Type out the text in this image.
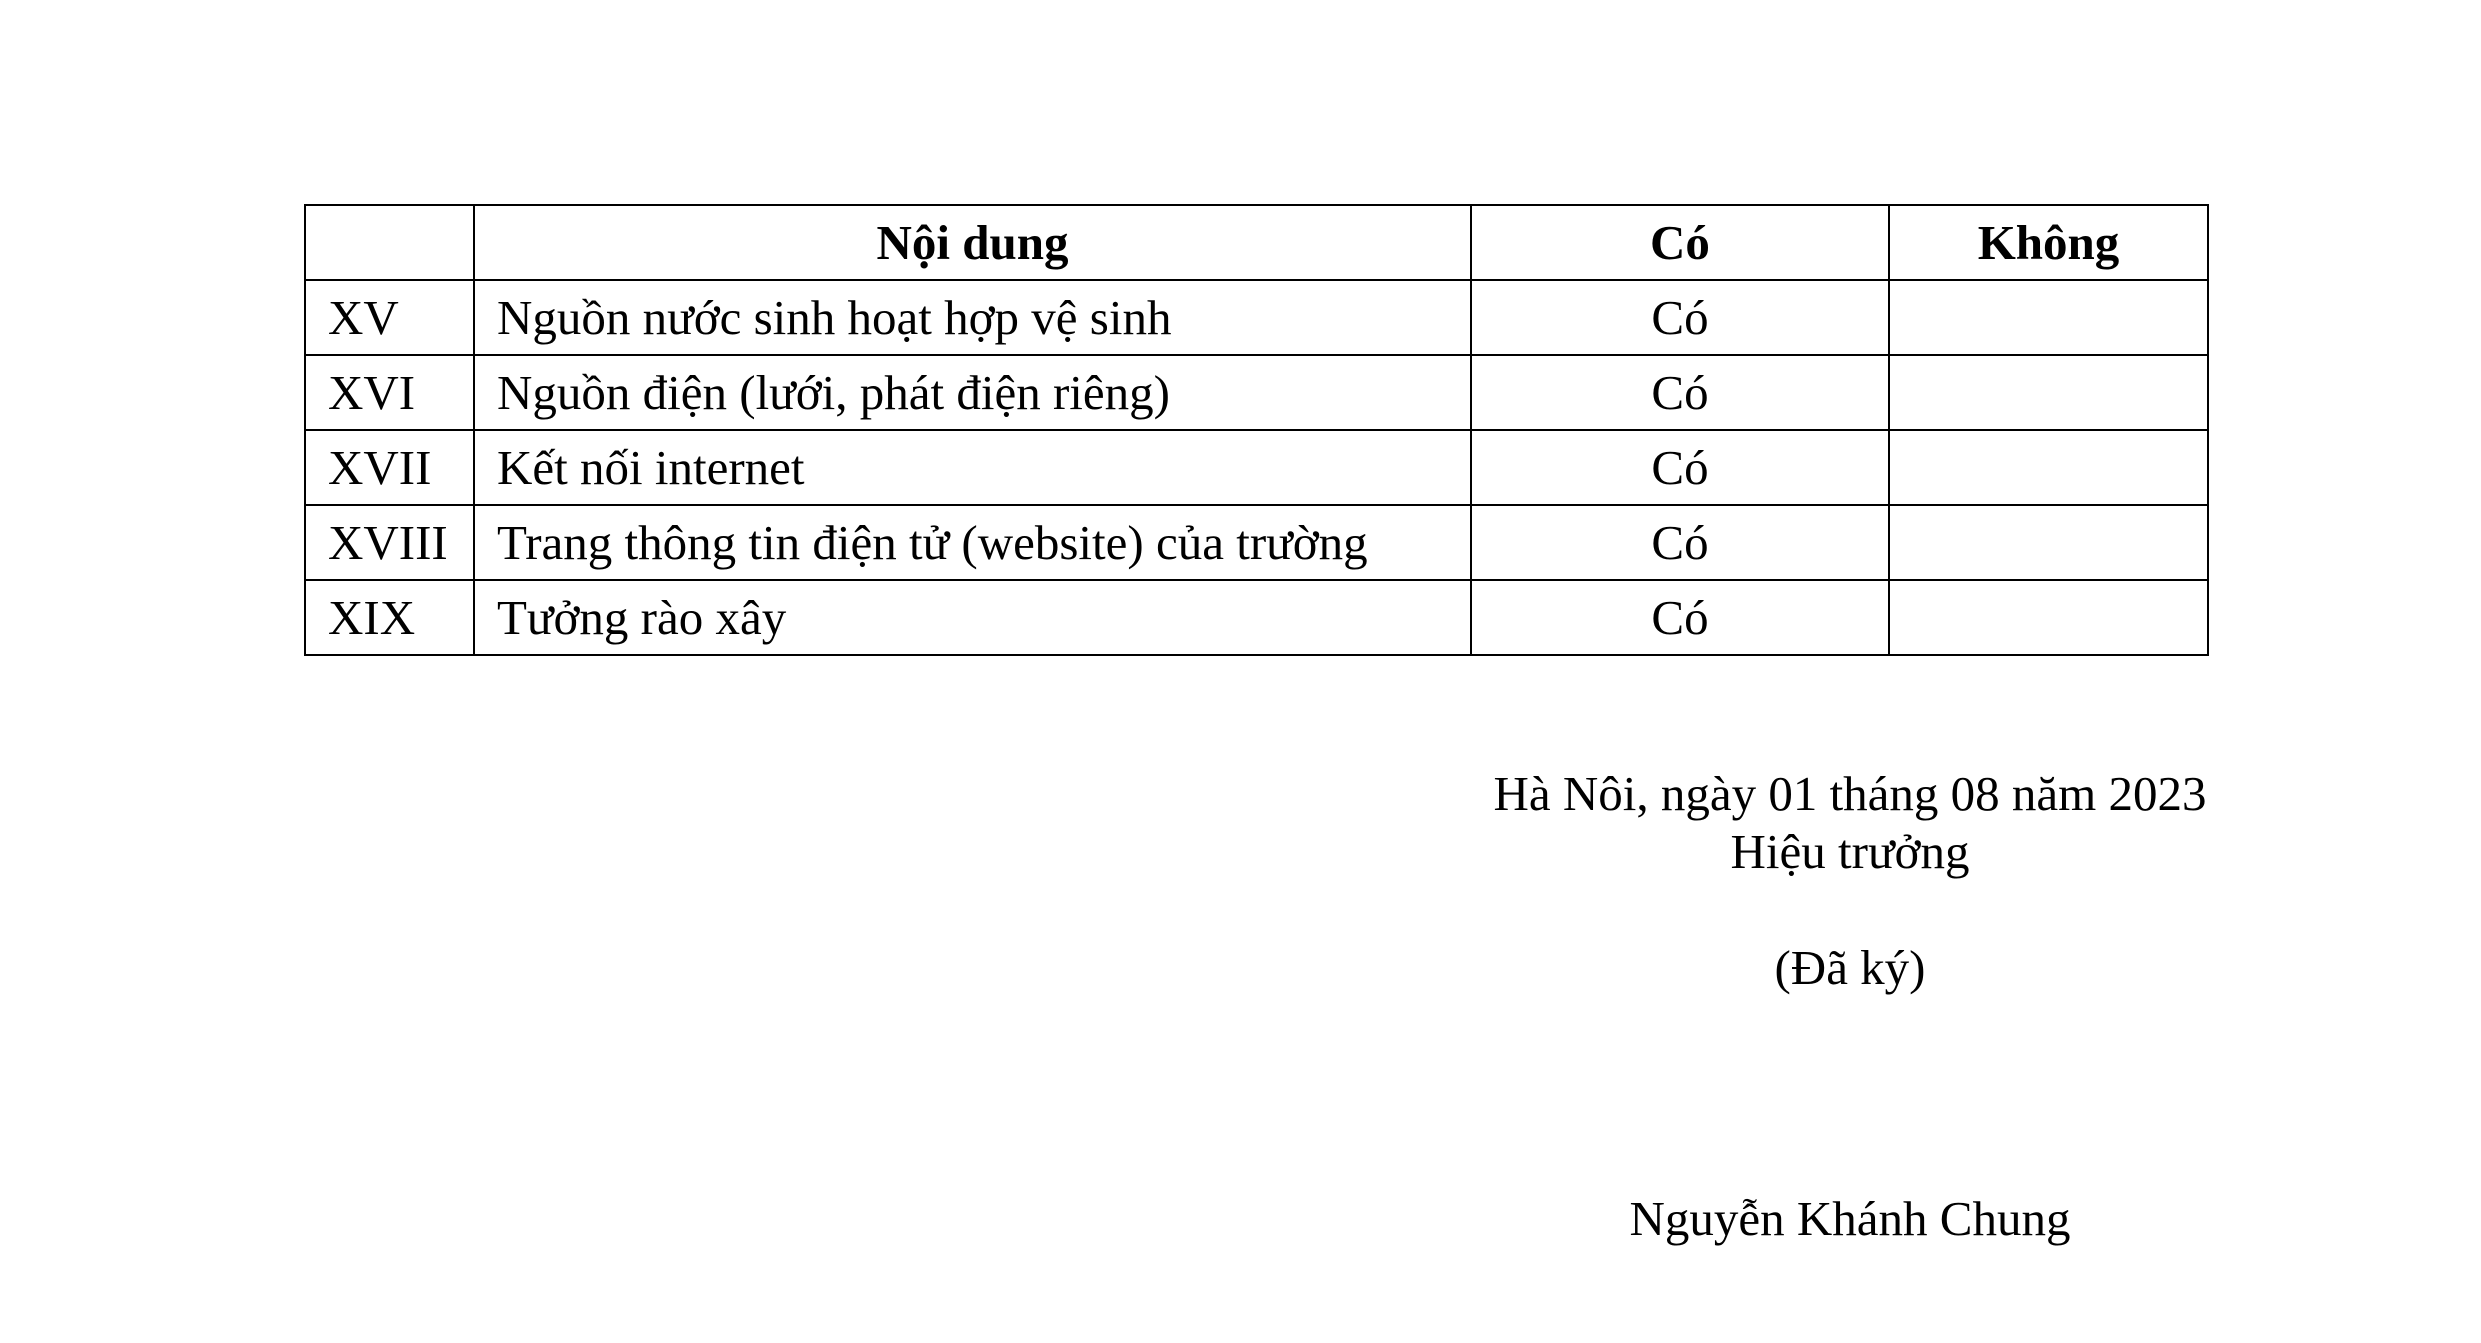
	Nội dung	Có	Không
XV	Nguồn nước sinh hoạt hợp vệ sinh	Có	
XVI	Nguồn điện (lưới, phát điện riêng)	Có	
XVII	Kết nối internet	Có	
XVIII	Trang thông tin điện tử (website) của trường	Có	
XIX	Tưởng rào xây	Có	
Hà Nôi, ngày 01 tháng 08 năm 2023
Hiệu trưởng
(Đã ký)
Nguyễn Khánh Chung
